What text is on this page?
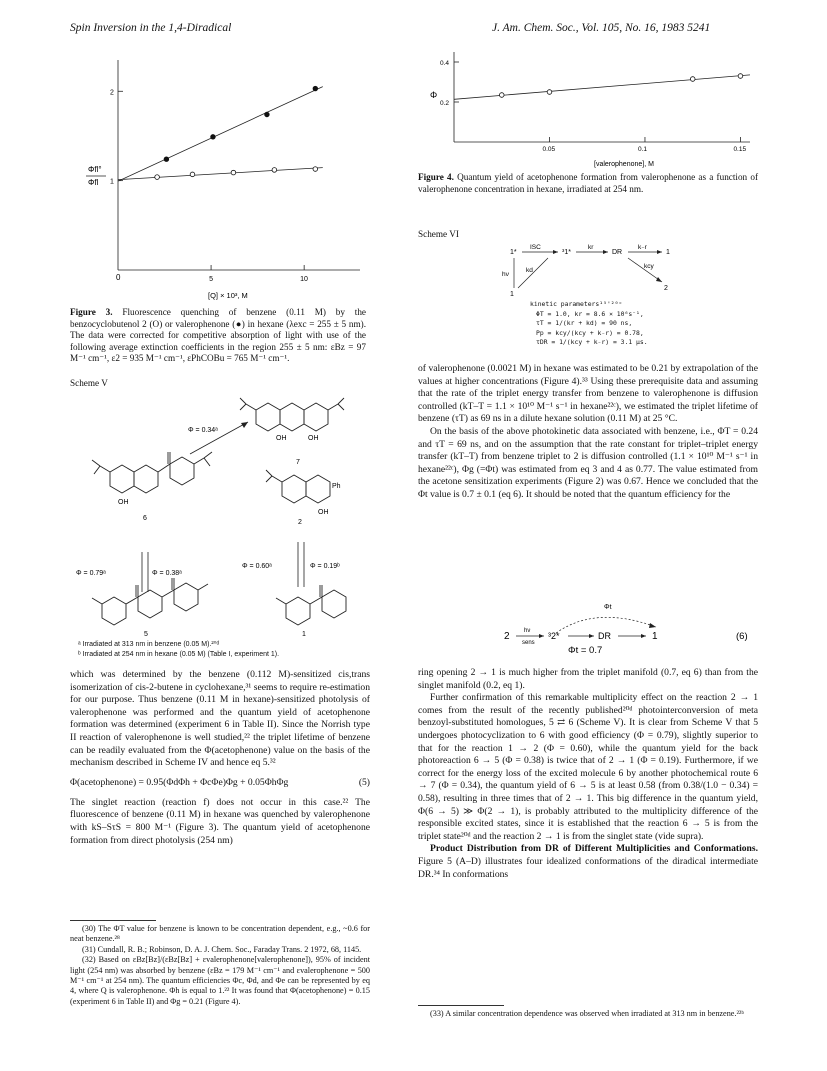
Spin Inversion in the 1,4-Diradical	J. Am. Chem. Soc., Vol. 105, No. 16, 1983 5241
1
2
5	10
Φfl°
Φfl
0
[Q] × 10³, M
Figure 3. Fluorescence quenching of benzene (0.11 M) by the benzocyclobutenol 2 (O) or valerophenone (●) in hexane (λexc = 255 ± 5 nm). The data were corrected for competitive absorption of light with use of the following average extinction coefficients in the region 255 ± 5 nm: εBz = 97 M⁻¹ cm⁻¹, ε2 = 935 M⁻¹ cm⁻¹, εPhCOBu = 765 M⁻¹ cm⁻¹.
Scheme V
OH
6
OH	OH
7
Φ = 0.34ᵃ
Ph
OH
2
Φ = 0.79ᵃ	Φ = 0.38ᵃ
Φ = 0.60ᵃ	Φ = 0.19ᵇ
5	1
ᵃ Irradiated at 313 nm in benzene (0.05 M).²⁰ᵈ
ᵇ Irradiated at 254 nm in hexane (0.05 M) (Table I, experiment 1).

which was determined by the benzene (0.112 M)-sensitized cis,trans isomerization of cis-2-butene in cyclohexane,³¹ seems to require re-estimation for our purpose. Thus benzene (0.11 M in hexane)-sensitized photolysis of valerophenone was performed and the quantum yield of acetophenone formation was determined (experiment 6 in Table II). Since the Norrish type II reaction of valerophenone is well studied,²² the triplet lifetime of benzene can be readily evaluated from the Φ(acetophenone) value on the basis of the mechanism described in Scheme IV and hence eq 5.³²

Φ(acetophenone) = 0.95(ΦdΦh + ΦcΦe)Φg + 0.05ΦhΦg	(5)

The singlet reaction (reaction f) does not occur in this case.²² The fluorescence of benzene (0.11 M) in hexane was quenched by valerophenone with kS–SτS = 800 M⁻¹ (Figure 3). The quantum yield of acetophenone formation from direct photolysis (254 nm)

(30) The ΦT value for benzene is known to be concentration dependent, e.g., ~0.6 for neat benzene.²⁸

(31) Cundall, R. B.; Robinson, D. A. J. Chem. Soc., Faraday Trans. 2 1972, 68, 1145.

(32) Based on εBz[Bz]/(εBz[Bz] + εvalerophenone[valerophenone]), 95% of incident light (254 nm) was absorbed by benzene (εBz = 179 M⁻¹ cm⁻¹ and εvalerophenone = 500 M⁻¹ cm⁻¹ at 254 nm). The quantum efficiencies Φc, Φd, and Φe can be represented by eq 4, where Q is valerophenone. Φh is equal to 1.²² It was found that Φ(acetophenone) = 0.15 (experiment 6 in Table II) and Φg = 0.21 (Figure 4).

0.2
0.4
0.05	0.1	0.15
Φ
[valerophenone], M
Figure 4. Quantum yield of acetophenone formation from valerophenone as a function of valerophenone concentration in hexane, irradiated at 254 nm.
Scheme VI
1*
ISC
³1*
kr
DR
k₋r
1
hν
kd
1
kcy
2
kinetic parameters¹⁵'²⁰ᶜ
ΦT = 1.0, kr = 8.6 × 10⁶s⁻¹,
τT = 1/(kr + kd) = 90 ns,
Pp = kcy/(kcy + k₋r) = 0.78,
τDR = 1/(kcy + k₋r) = 3.1 μs.

of valerophenone (0.0021 M) in hexane was estimated to be 0.21 by extrapolation of the values at higher concentrations (Figure 4).³³ Using these prerequisite data and assuming that the rate of the triplet energy transfer from benzene to valerophenone is diffusion controlled (kT–T = 1.1 × 10¹⁰ M⁻¹ s⁻¹ in hexane²²ᶜ), we estimated the triplet lifetime of benzene (τT) as 69 ns in a dilute hexane solution (0.11 M) at 25 °C.

On the basis of the above photokinetic data associated with benzene, i.e., ΦT = 0.24 and τT = 69 ns, and on the assumption that the rate constant for triplet–triplet energy transfer (kT–T) from benzene triplet to 2 is diffusion controlled (1.1 × 10¹⁰ M⁻¹ s⁻¹ in hexane²²ᶜ), Φg (=Φt) was estimated from eq 3 and 4 as 0.77. The value estimated from the acetone sensitization experiments (Figure 2) was 0.67. Hence we concluded that the Φt value is 0.7 ± 0.1 (eq 6). It should be noted that the quantum efficiency for the

Φt
2 hν
sens
³2*	DR	1	(6)
Φt = 0.7

ring opening 2 → 1 is much higher from the triplet manifold (0.7, eq 6) than from the singlet manifold (0.2, eq 1).

Further confirmation of this remarkable multiplicity effect on the reaction 2 → 1 comes from the result of the recently published²⁰ᵈ photointerconversion of meta benzoyl-substituted homologues, 5 ⇄ 6 (Scheme V). It is clear from Scheme V that 5 undergoes photocyclization to 6 with good efficiency (Φ = 0.79), slightly superior to that for the reaction 1 → 2 (Φ = 0.60), while the quantum yield for the back photoreaction 6 → 5 (Φ = 0.38) is twice that of 2 → 1 (Φ = 0.19). Furthermore, if we correct for the energy loss of the excited molecule 6 by another photochemical route 6 → 7 (Φ = 0.34), the quantum yield of 6 → 5 is at least 0.58 (from 0.38/(1.0 − 0.34) = 0.58), resulting in three times that of 2 → 1. This big difference in the quantum yield, Φ(6 → 5) ≫ Φ(2 → 1), is probably attributed to the multiplicity difference of the responsible excited states, since it is established that the reaction 6 → 5 is from the triplet state²⁰ᵈ and the reaction 2 → 1 is from the singlet state (vide supra).

Product Distribution from DR of Different Multiplicities and Conformations. Figure 5 (A–D) illustrates four idealized conformations of the diradical intermediate DR.³⁴ In conformations

(33) A similar concentration dependence was observed when irradiated at 313 nm in benzene.²²ᵇ
